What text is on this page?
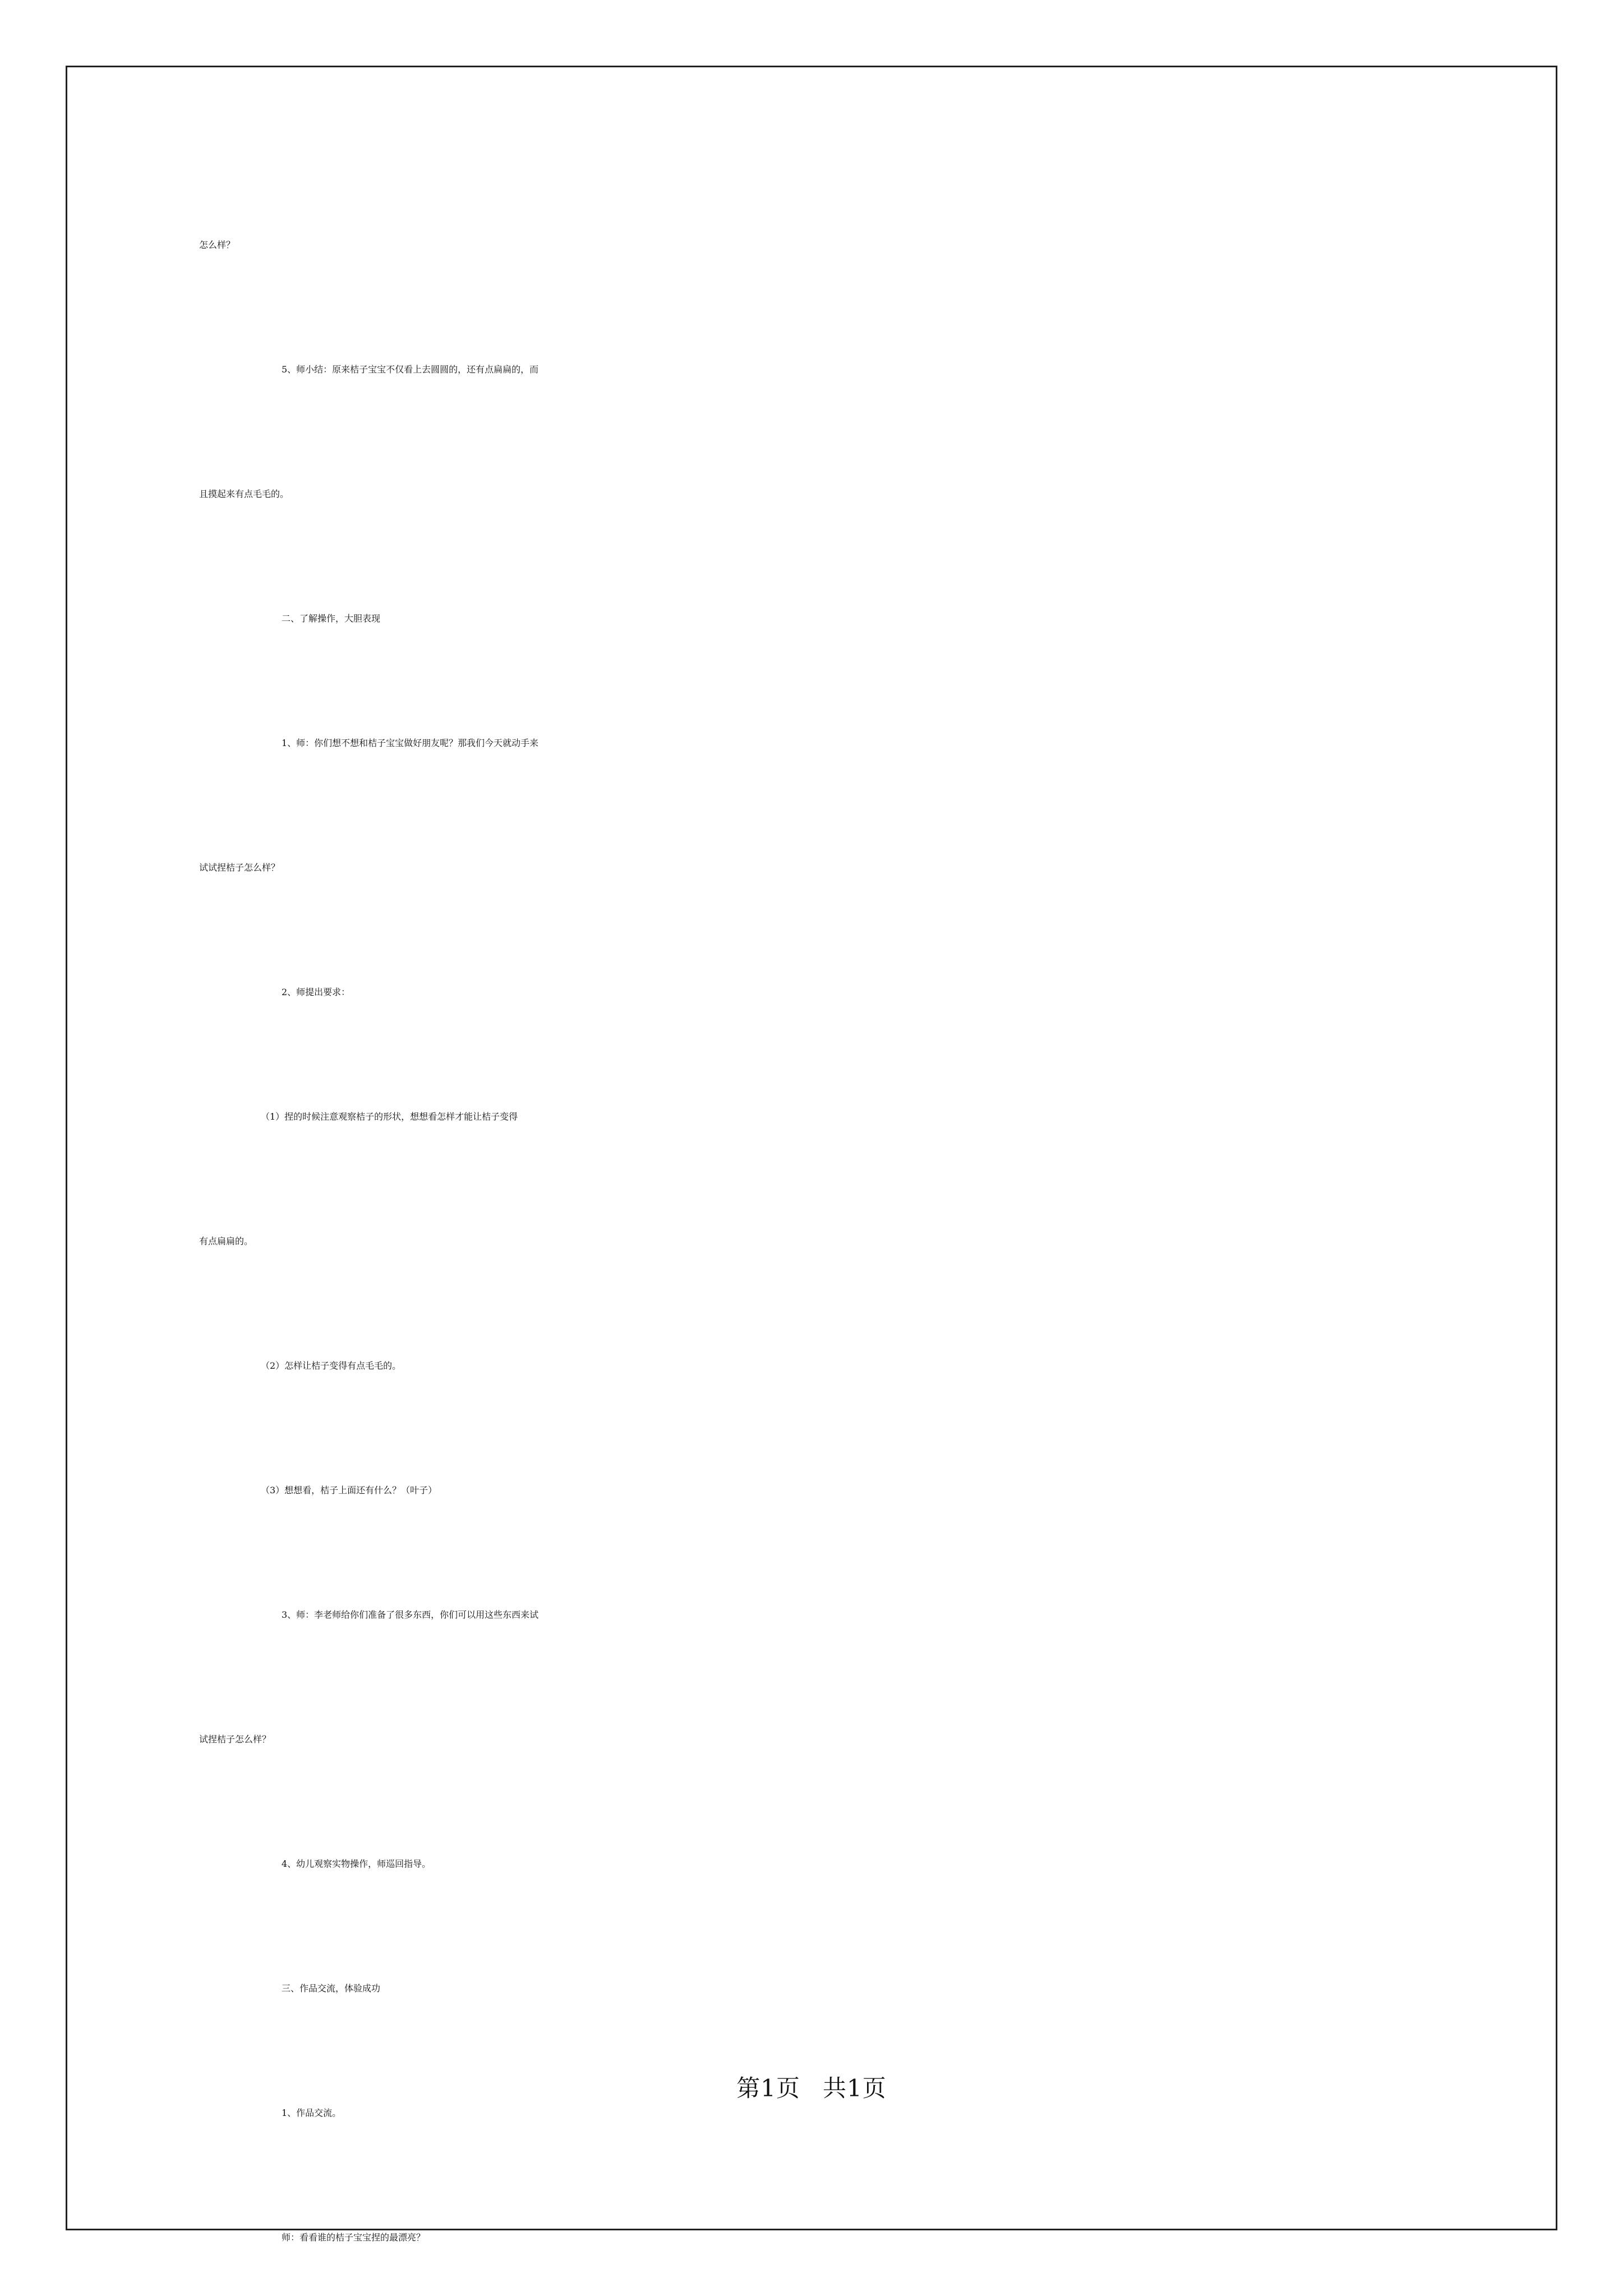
怎么样？
5、师小结：原来桔子宝宝不仅看上去圆圆的，还有点扁扁的，而
且摸起来有点毛毛的。
二、了解操作，大胆表现
1、师：你们想不想和桔子宝宝做好朋友呢？那我们今天就动手来
试试捏桔子怎么样？
2、师提出要求：
（1）捏的时候注意观察桔子的形状，想想看怎样才能让桔子变得
有点扁扁的。
（2）怎样让桔子变得有点毛毛的。
（3）想想看，桔子上面还有什么？（叶子）
3、师：李老师给你们准备了很多东西，你们可以用这些东西来试
试捏桔子怎么样？
4、幼儿观察实物操作，师巡回指导。
三、作品交流，体验成功
1、作品交流。
师：看看谁的桔子宝宝捏的最漂亮？
第1页 共1页
